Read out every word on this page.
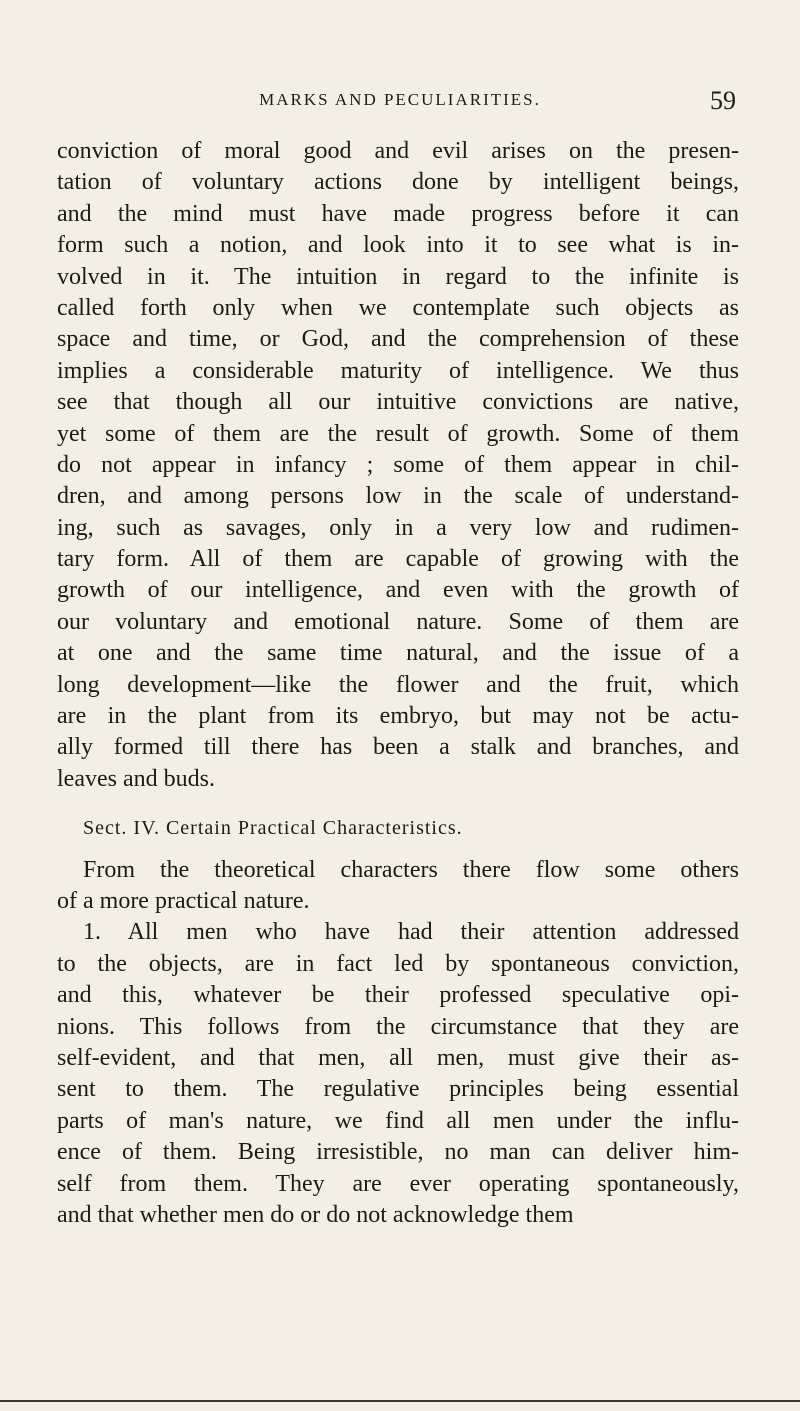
MARKS AND PECULIARITIES.	59
conviction of moral good and evil arises on the presen-
tation of voluntary actions done by intelligent beings,
and the mind must have made progress before it can
form such a notion, and look into it to see what is in-
volved in it. The intuition in regard to the infinite is
called forth only when we contemplate such objects as
space and time, or God, and the comprehension of these
implies a considerable maturity of intelligence. We thus
see that though all our intuitive convictions are native,
yet some of them are the result of growth. Some of them
do not appear in infancy ; some of them appear in chil-
dren, and among persons low in the scale of understand-
ing, such as savages, only in a very low and rudimen-
tary form. All of them are capable of growing with the
growth of our intelligence, and even with the growth of
our voluntary and emotional nature. Some of them are
at one and the same time natural, and the issue of a
long development—like the flower and the fruit, which
are in the plant from its embryo, but may not be actu-
ally formed till there has been a stalk and branches, and
leaves and buds.
Sect. IV. Certain Practical Characteristics.
From the theoretical characters there flow some others
of a more practical nature.
1. All men who have had their attention addressed
to the objects, are in fact led by spontaneous conviction,
and this, whatever be their professed speculative opi-
nions. This follows from the circumstance that they are
self-evident, and that men, all men, must give their as-
sent to them. The regulative principles being essential
parts of man's nature, we find all men under the influ-
ence of them. Being irresistible, no man can deliver him-
self from them. They are ever operating spontaneously,
and that whether men do or do not acknowledge them
